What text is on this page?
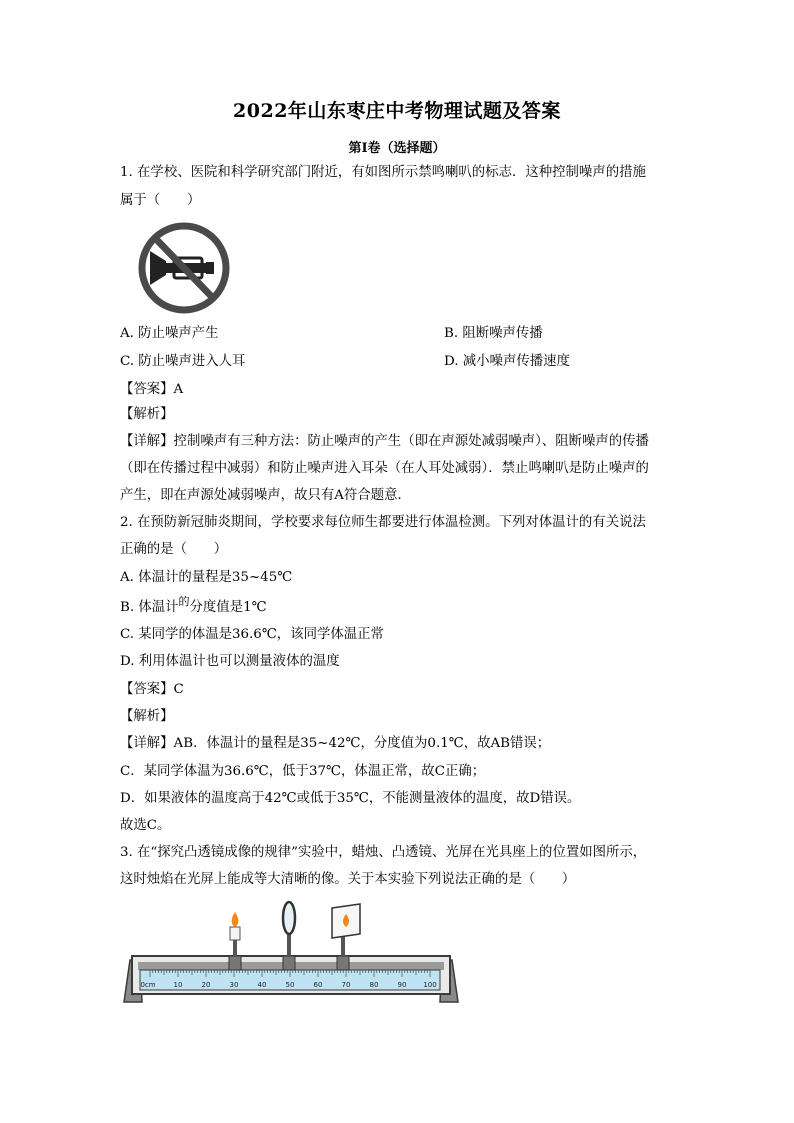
2022年山东枣庄中考物理试题及答案
第Ⅰ卷（选择题）
1. 在学校、医院和科学研究部门附近，有如图所示禁鸣喇叭的标志．这种控制噪声的措施
属于（　　）
A. 防止噪声产生	B. 阻断噪声传播
C. 防止噪声进入人耳	D. 减小噪声传播速度
【答案】A
【解析】
【详解】控制噪声有三种方法：防止噪声的产生（即在声源处减弱噪声）、阻断噪声的传播
（即在传播过程中减弱）和防止噪声进入耳朵（在人耳处减弱）．禁止鸣喇叭是防止噪声的
产生，即在声源处减弱噪声，故只有A符合题意．
2. 在预防新冠肺炎期间，学校要求每位师生都要进行体温检测。下列对体温计的有关说法
正确的是（　　）
A. 体温计的量程是35~45℃
B. 体温计$^的$分度值是1℃
C. 某同学的体温是36.6℃，该同学体温正常
D. 利用体温计也可以测量液体的温度
【答案】C
【解析】
【详解】AB．体温计的量程是35~42℃，分度值为0.1℃，故AB错误；
C．某同学体温为36.6℃，低于37℃，体温正常，故C正确；
D．如果液体的温度高于42℃或低于35℃，不能测量液体的温度，故D错误。
故选C。
3. 在“探究凸透镜成像的规律”实验中，蜡烛、凸透镜、光屏在光具座上的位置如图所示，
这时烛焰在光屏上能成等大清晰的像。关于本实验下列说法正确的是（　　）
0cm	10	20	30	40	50	60	70	80	90 100
